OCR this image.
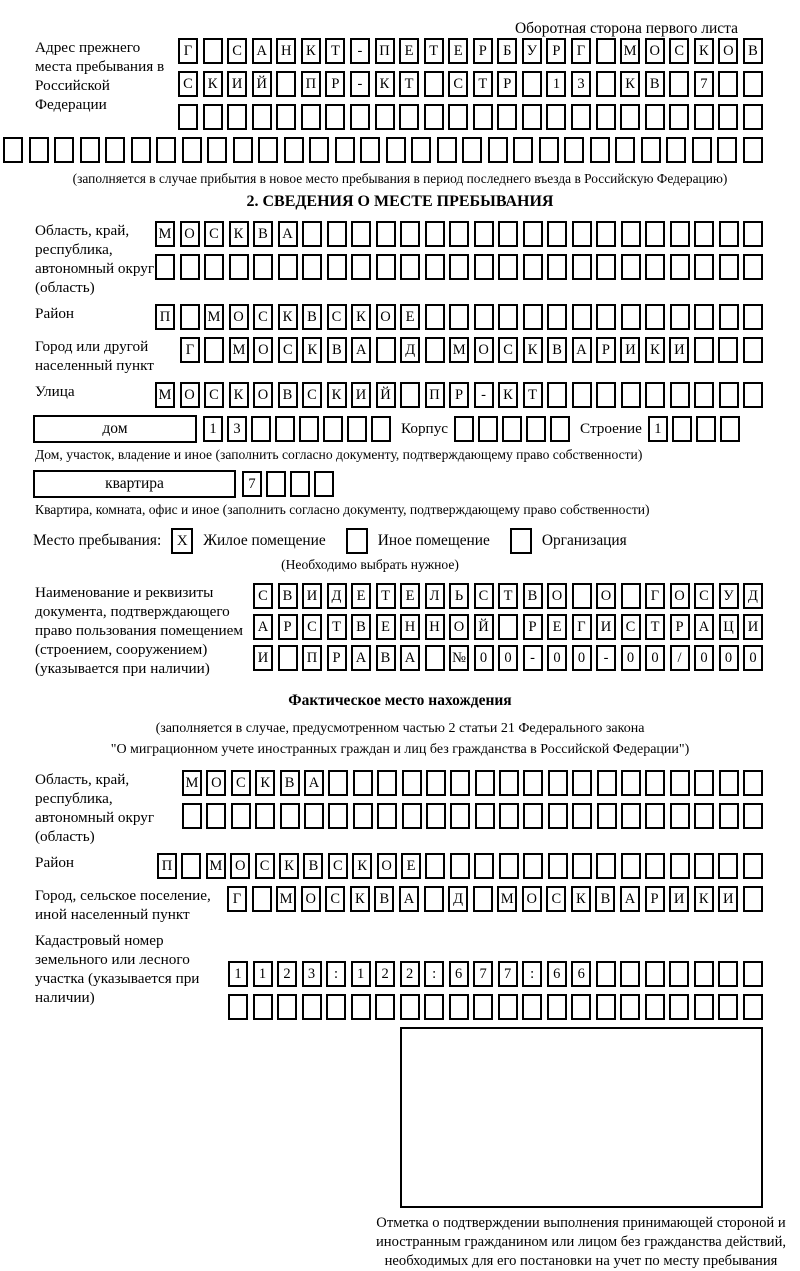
Оборотная сторона первого листа
Адрес прежнего места пребывания в Российской Федерации
Г	С А Н К	Т	-	П	Е	Т	Е	Р	Б	У	Р	Г	М О С	К О В
С	К И Й	П	Р	-	К	Т	С	Т	Р	1	3	К	В	7
(заполняется в случае прибытия в новое место пребывания в период последнего въезда в Российскую Федерацию)
2. СВЕДЕНИЯ О МЕСТЕ ПРЕБЫВАНИЯ
Область, край, республика, автономный округ (область)
М О С	К	В А
Район	П	М О С	К	В	С	К О	Е
Город или другой населенный пункт
Г	М О С	К	В А	Д	М О С	К	В А	Р	И К И
Улица	М О С	К О В	С	К И Й	П	Р	-	К	Т
дом	1	3	Корпус	Строение 1
Дом, участок, владение и иное (заполнить согласно документу, подтверждающему право собственности)
квартира	7
Квартира, комната, офис и иное (заполнить согласно документу, подтверждающему право собственности)
Место пребывания:	X	Жилое помещение	Иное помещение	Организация
(Необходимо выбрать нужное)
Наименование и реквизиты документа, подтверждающего право пользования помещением (строением, сооружением) (указывается при наличии)
С	В И Д	Е	Т	Е	Л	Ь	С	Т	В О	О	Г	О С	У Д
А	Р	С	Т	В	Е	Н Н О Й	Р	Е	Г	И С	Т	Р	А Ц И
И	П	Р	А В А	№ 0	0	-	0	0	-	0	0	/	0	0	0
Фактическое место нахождения
(заполняется в случае, предусмотренном частью 2 статьи 21 Федерального закона
"О миграционном учете иностранных граждан и лиц без гражданства в Российской Федерации")
Область, край, республика, автономный округ (область)
М О С	К	В А
Район	П	М О С	К	В	С	К О	Е
Город, сельское поселение, иной населенный пункт
Г	М О С	К	В А	Д	М О С	К	В А	Р	И К И
Кадастровый номер земельного или лесного участка (указывается при наличии)
1	1	2	3	:	1	2	2	:	6	7	7	:	6	6
Отметка о подтверждении выполнения принимающей стороной и иностранным гражданином или лицом без гражданства действий, необходимых для его постановки на учет по месту пребывания
